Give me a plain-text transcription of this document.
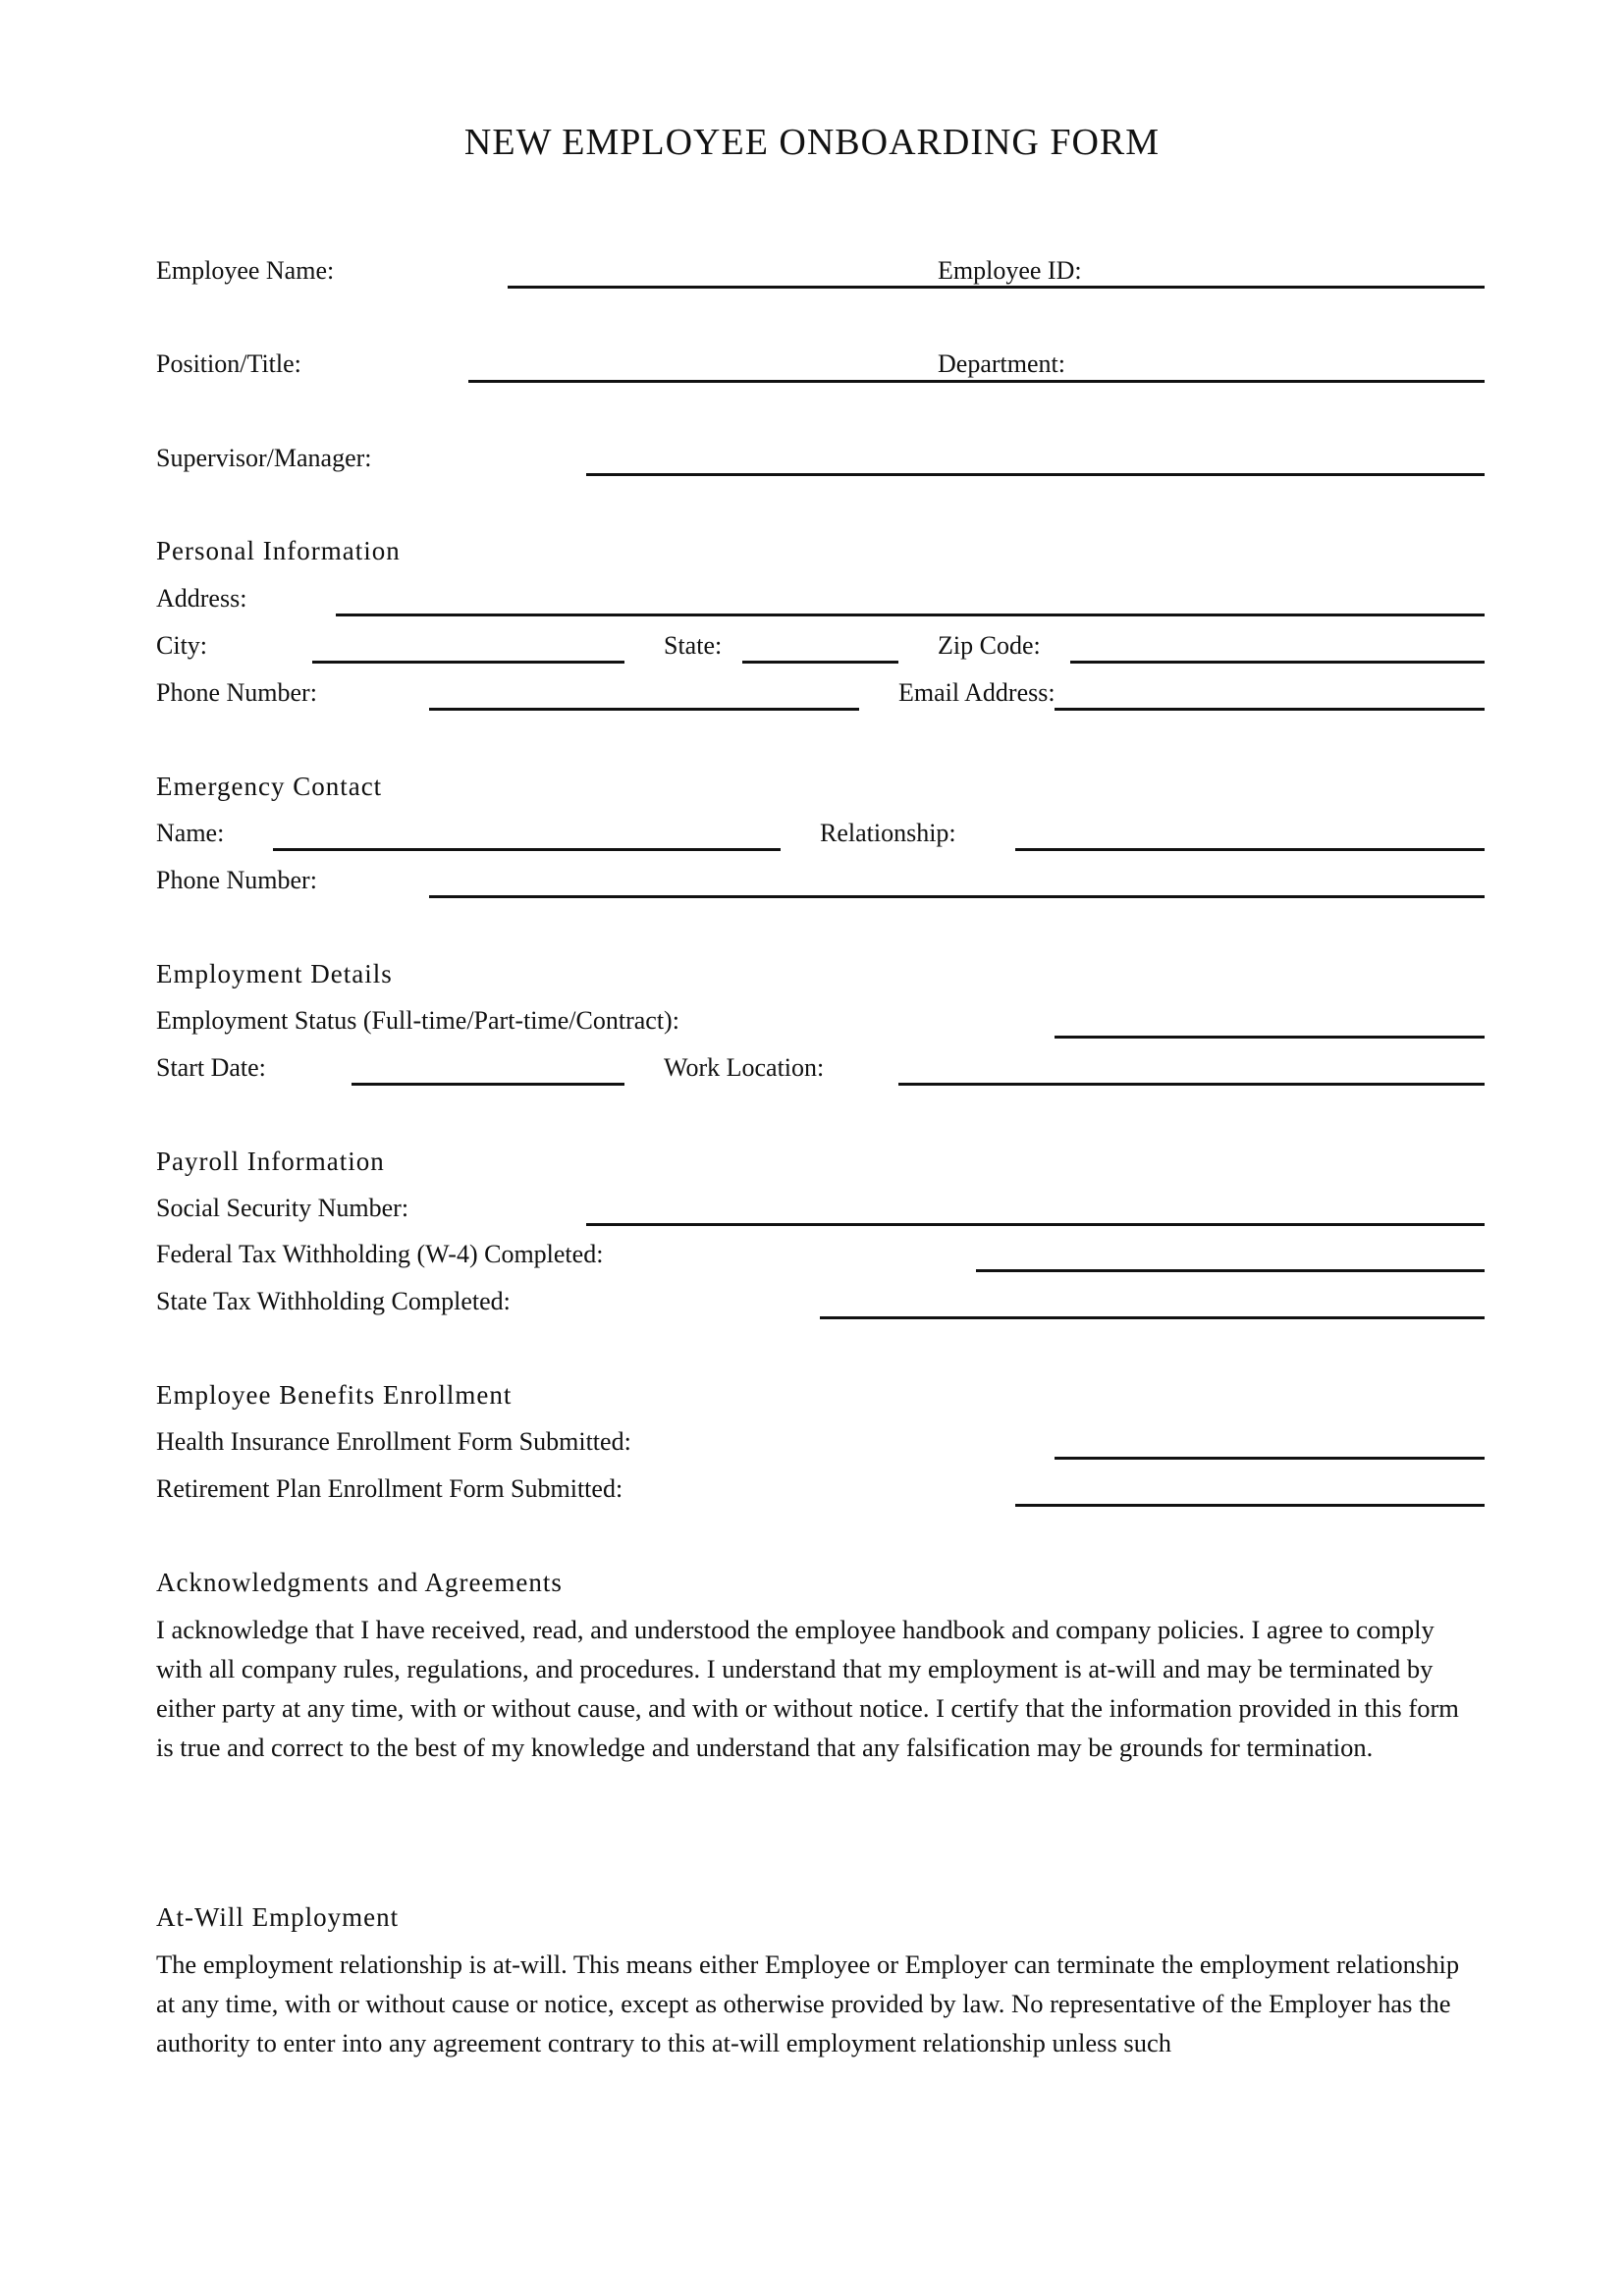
NEW EMPLOYEE ONBOARDING FORM
Employee Name:	Employee ID:
Position/Title:	Department:
Supervisor/Manager:
Personal Information
Address:
City:	State:	Zip Code:
Phone Number:	Email Address:
Emergency Contact
Name:	Relationship:
Phone Number:
Employment Details
Employment Status (Full-time/Part-time/Contract):
Start Date:	Work Location:
Payroll Information
Social Security Number:
Federal Tax Withholding (W-4) Completed:
State Tax Withholding Completed:
Employee Benefits Enrollment
Health Insurance Enrollment Form Submitted:
Retirement Plan Enrollment Form Submitted:
Acknowledgments and Agreements
I acknowledge that I have received, read, and understood the employee handbook and company policies. I agree to comply with all company rules, regulations, and procedures. I understand that my employment is at-will and may be terminated by either party at any time, with or without cause, and with or without notice. I certify that the information provided in this form is true and correct to the best of my knowledge and understand that any falsification may be grounds for termination.
At-Will Employment
The employment relationship is at-will. This means either Employee or Employer can terminate the employment relationship at any time, with or without cause or notice, except as otherwise provided by law. No representative of the Employer has the authority to enter into any agreement contrary to this at-will employment relationship unless such
